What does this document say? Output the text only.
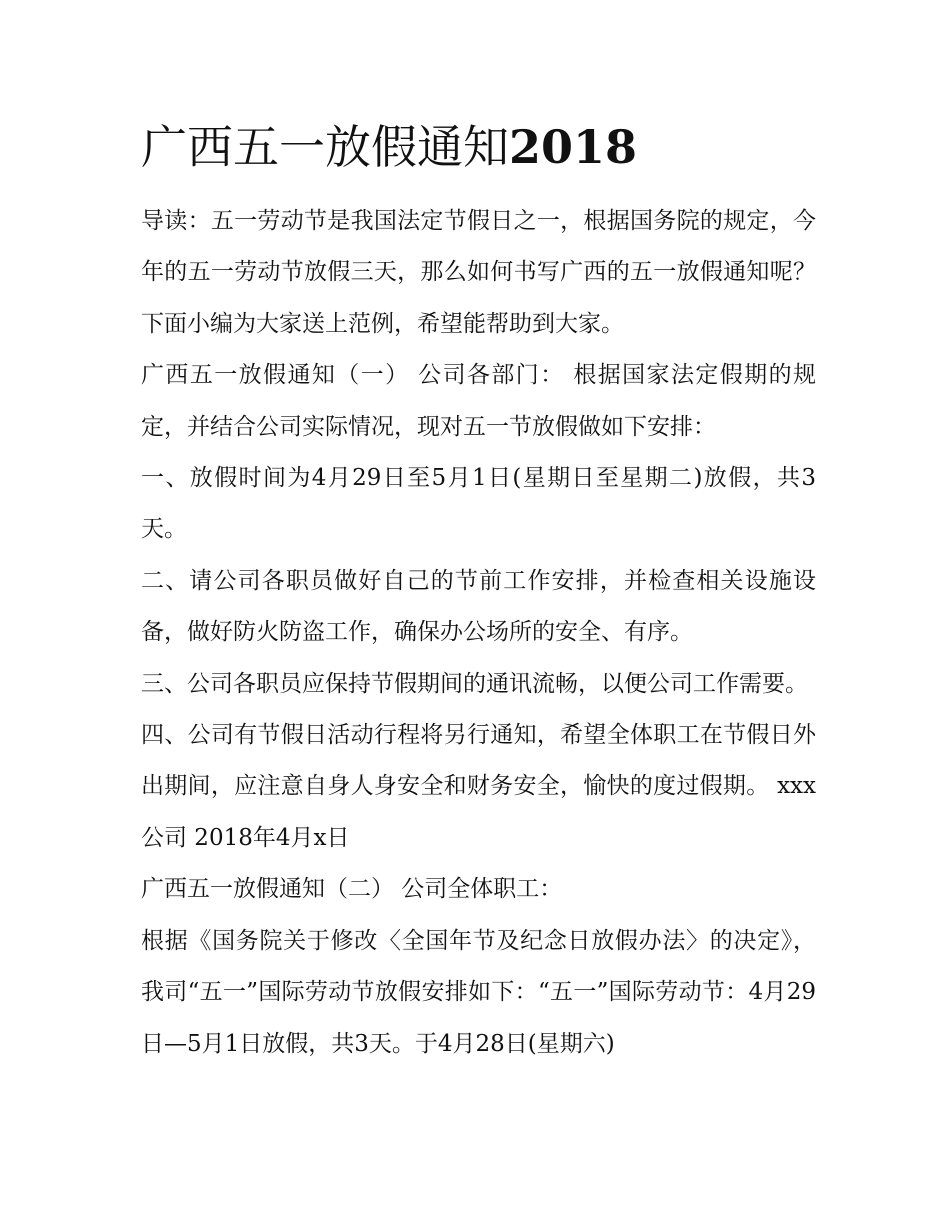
广西五一放假通知2018

导读：五一劳动节是我国法定节假日之一，根据国务院的规定，今年的五一劳动节放假三天，那么如何书写广西的五一放假通知呢？下面小编为大家送上范例，希望能帮助到大家。

广西五一放假通知（一） 公司各部门： 根据国家法定假期的规定，并结合公司实际情况，现对五一节放假做如下安排：

一、放假时间为4月29日至5月1日(星期日至星期二)放假，共3天。

二、请公司各职员做好自己的节前工作安排，并检查相关设施设备，做好防火防盗工作，确保办公场所的安全、有序。

三、公司各职员应保持节假期间的通讯流畅，以便公司工作需要。

四、公司有节假日活动行程将另行通知，希望全体职工在节假日外出期间，应注意自身人身安全和财务安全，愉快的度过假期。 xxx公司 2018年4月x日

广西五一放假通知（二） 公司全体职工：

根据《国务院关于修改〈全国年节及纪念日放假办法〉的决定》，我司“五一”国际劳动节放假安排如下：“五一”国际劳动节：4月29日—5月1日放假，共3天。于4月28日(星期六)
